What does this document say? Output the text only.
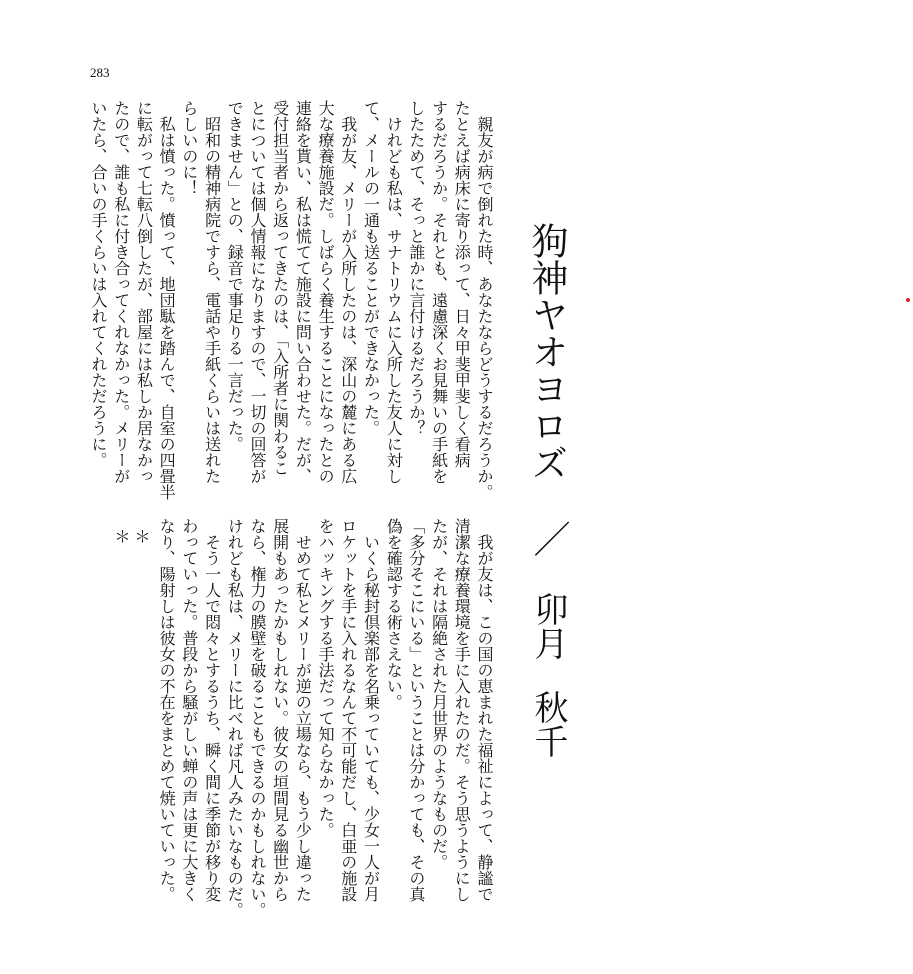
283
　親友が病で倒れた時、あなたならどうするだろうか。
たとえば病床に寄り添って、日々甲斐甲斐しく看病
するだろうか。それとも、遠慮深くお見舞いの手紙を
したためて、そっと誰かに言付けるだろうか？
　けれども私は、サナトリウムに入所した友人に対し
て、メールの一通も送ることができなかった。
　我が友、メリーが入所したのは、深山の麓にある広
大な療養施設だ。しばらく養生することになったとの
連絡を貰い、私は慌てて施設に問い合わせた。だが、
受付担当者から返ってきたのは、「入所者に関わるこ
とについては個人情報になりますので、一切の回答が
できません」との、録音で事足りる一言だった。
　昭和の精神病院ですら、電話や手紙くらいは送れた
らしいのに！
　私は憤った。憤って、地団駄を踏んで、自室の四畳半
に転がって七転八倒したが、部屋には私しか居なかっ
たので、誰も私に付き合ってくれなかった。メリーが
いたら、合いの手くらいは入れてくれただろうに。
　我が友は、この国の恵まれた福祉によって、静謐で
清潔な療養環境を手に入れたのだ。そう思うようにし
たが、それは隔絶された月世界のようなものだ。
「多分そこにいる」ということは分かっても、その真
偽を確認する術さえない。
　いくら秘封倶楽部を名乗っていても、少女一人が月
ロケットを手に入れるなんて不可能だし、白亜の施設
をハッキングする手法だって知らなかった。
　せめて私とメリーが逆の立場なら、もう少し違った
展開もあったかもしれない。彼女の垣間見る幽世から
なら、権力の膜壁を破ることもできるのかもしれない。
けれども私は、メリーに比べれば凡人みたいなものだ。
　そう一人で悶々とするうち、瞬く間に季節が移り変
わっていった。普段から騒がしい蝉の声は更に大きく
なり、陽射しは彼女の不在をまとめて焼いていった。
狗神ヤオヨロズ
／
卯月秋千
＊
＊
